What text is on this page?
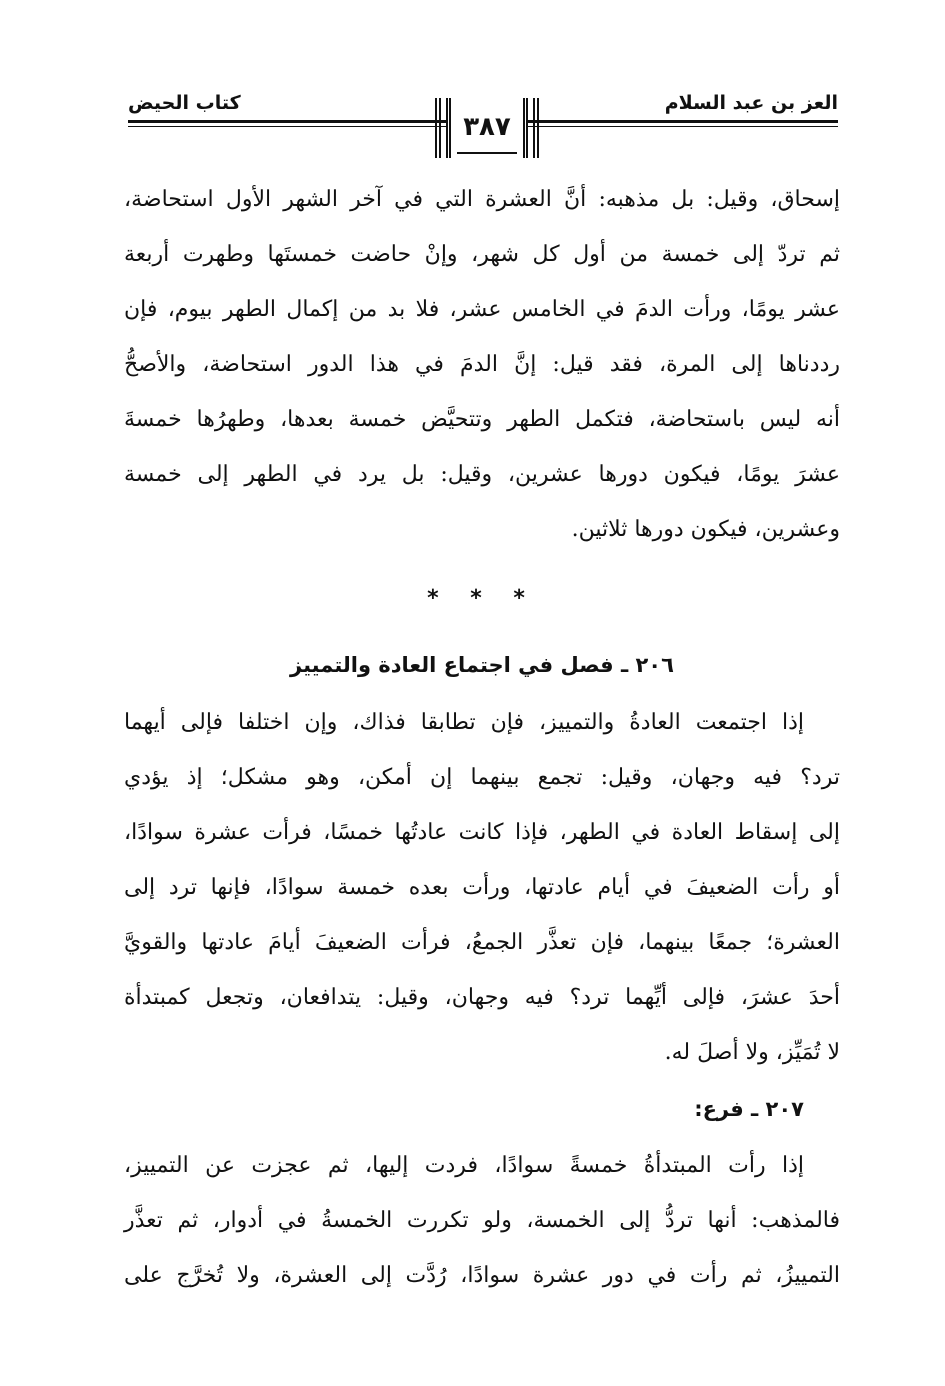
العز بن عبد السلام
كتاب الحيض
٣٨٧
إسحاق، وقيل: بل مذهبه: أنَّ العشرة التي في آخر الشهر الأول استحاضة،
ثم تردّ إلى خمسة من أول كل شهر، وإنْ حاضت خمستَها وطهرت أربعة
عشر يومًا، ورأت الدمَ في الخامس عشر، فلا بد من إكمال الطهر بيوم، فإن
رددناها إلى المرة، فقد قيل: إنَّ الدمَ في هذا الدور استحاضة، والأصحُّ
أنه ليس باستحاضة، فتكمل الطهر وتتحيَّض خمسة بعدها، وطهرُها خمسةَ
عشرَ يومًا، فيكون دورها عشرين، وقيل: بل يرد في الطهر إلى خمسة
وعشرين، فيكون دورها ثلاثين.
* * *
٢٠٦ ـ فصل في اجتماع العادة والتمييز
إذا اجتمعت العادةُ والتمييز، فإن تطابقا فذاك، وإن اختلفا فإلى أيهما
ترد؟ فيه وجهان، وقيل: تجمع بينهما إن أمكن، وهو مشكل؛ إذ يؤدي
إلى إسقاط العادة في الطهر، فإذا كانت عادتُها خمسًا، فرأت عشرة سوادًا،
أو رأت الضعيفَ في أيام عادتها، ورأت بعده خمسة سوادًا، فإنها ترد إلى
العشرة؛ جمعًا بينهما، فإن تعذَّر الجمعُ، فرأت الضعيفَ أيامَ عادتها والقويَّ
أحدَ عشرَ، فإلى أيِّهما ترد؟ فيه وجهان، وقيل: يتدافعان، وتجعل كمبتدأة
لا تُمَيِّز، ولا أصلَ له.
٢٠٧ ـ فرع:
إذا رأت المبتدأةُ خمسةً سوادًا، فردت إليها، ثم عجزت عن التمييز،
فالمذهب: أنها تردُّ إلى الخمسة، ولو تكررت الخمسةُ في أدوار، ثم تعذَّر
التمييزُ، ثم رأت في دور عشرة سوادًا، رُدَّت إلى العشرة، ولا تُخرَّج على
